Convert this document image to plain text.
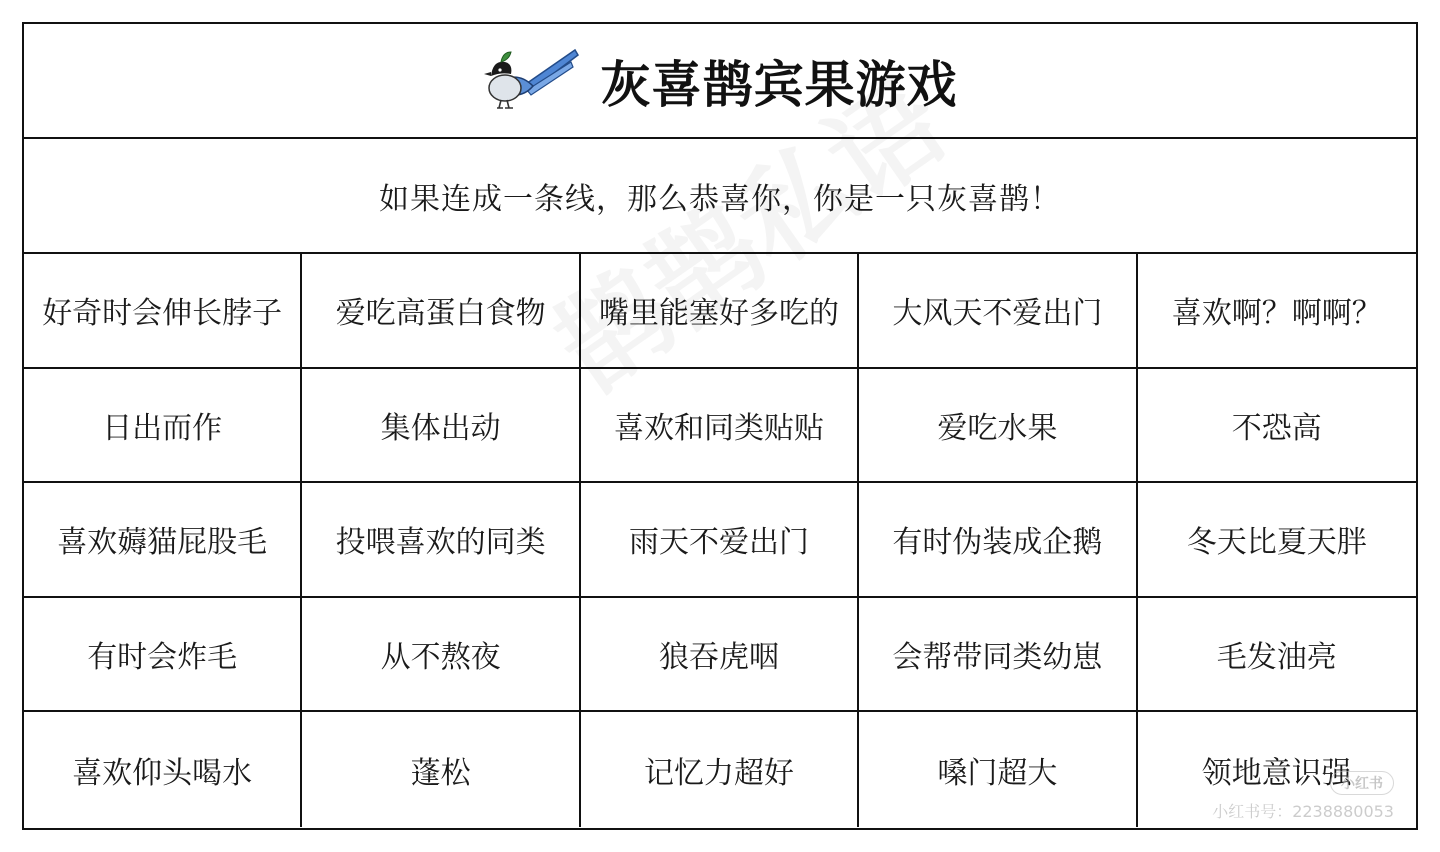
灰喜鹊宾果游戏
如果连成一条线，那么恭喜你，你是一只灰喜鹊！
好奇时会伸长脖子	爱吃高蛋白食物	嘴里能塞好多吃的	大风天不爱出门	喜欢啊？啊啊？
日出而作	集体出动	喜欢和同类贴贴	爱吃水果	不恐高
喜欢薅猫屁股毛	投喂喜欢的同类	雨天不爱出门	有时伪装成企鹅	冬天比夏天胖
有时会炸毛	从不熬夜	狼吞虎咽	会帮带同类幼崽	毛发油亮
喜欢仰头喝水	蓬松	记忆力超好	嗓门超大	领地意识强
小红书
小红书号：2238880053
